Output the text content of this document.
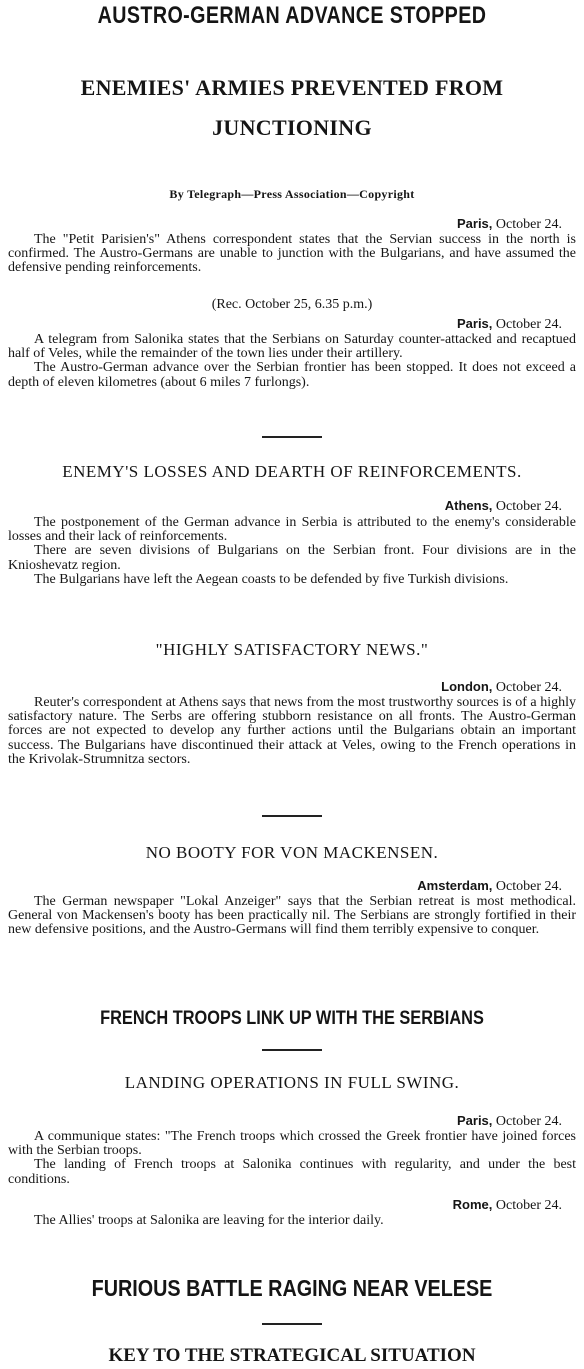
AUSTRO-GERMAN ADVANCE STOPPED
ENEMIES' ARMIES PREVENTED FROM
JUNCTIONING
By Telegraph—Press Association—Copyright
Paris, October 24.

The "Petit Parisien's" Athens correspondent states that the Servian success in the north is confirmed. The Austro-Germans are unable to junction with the Bulgarians, and have assumed the defensive pending reinforcements.

(Rec. October 25, 6.35 p.m.)
Paris, October 24.

A telegram from Salonika states that the Serbians on Saturday counter-attacked and recaptued half of Veles, while the remainder of the town lies under their artillery.

The Austro-German advance over the Serbian frontier has been stopped. It does not exceed a depth of eleven kilometres (about 6 miles 7 furlongs).

ENEMY'S LOSSES AND DEARTH OF REINFORCEMENTS.
Athens, October 24.

The postponement of the German advance in Serbia is attributed to the enemy's considerable losses and their lack of reinforcements.

There are seven divisions of Bulgarians on the Serbian front. Four divisions are in the Knioshevatz region.

The Bulgarians have left the Aegean coasts to be defended by five Turkish divisions.

"HIGHLY SATISFACTORY NEWS."
London, October 24.

Reuter's correspondent at Athens says that news from the most trustworthy sources is of a highly satisfactory nature. The Serbs are offering stubborn resistance on all fronts. The Austro-German forces are not expected to develop any further actions until the Bulgarians obtain an important success. The Bulgarians have discontinued their attack at Veles, owing to the French operations in the Krivolak-Strumnitza sectors.

NO BOOTY FOR VON MACKENSEN.
Amsterdam, October 24.

The German newspaper "Lokal Anzeiger" says that the Serbian retreat is most methodical. General von Mackensen's booty has been practically nil. The Serbians are strongly fortified in their new defensive positions, and the Austro-Germans will find them terribly expensive to conquer.

FRENCH TROOPS LINK UP WITH THE SERBIANS
LANDING OPERATIONS IN FULL SWING.
Paris, October 24.

A communique states: "The French troops which crossed the Greek frontier have joined forces with the Serbian troops.

The landing of French troops at Salonika continues with regularity, and under the best conditions.

Rome, October 24.

The Allies' troops at Salonika are leaving for the interior daily.

FURIOUS BATTLE RAGING NEAR VELESE
KEY TO THE STRATEGICAL SITUATION
